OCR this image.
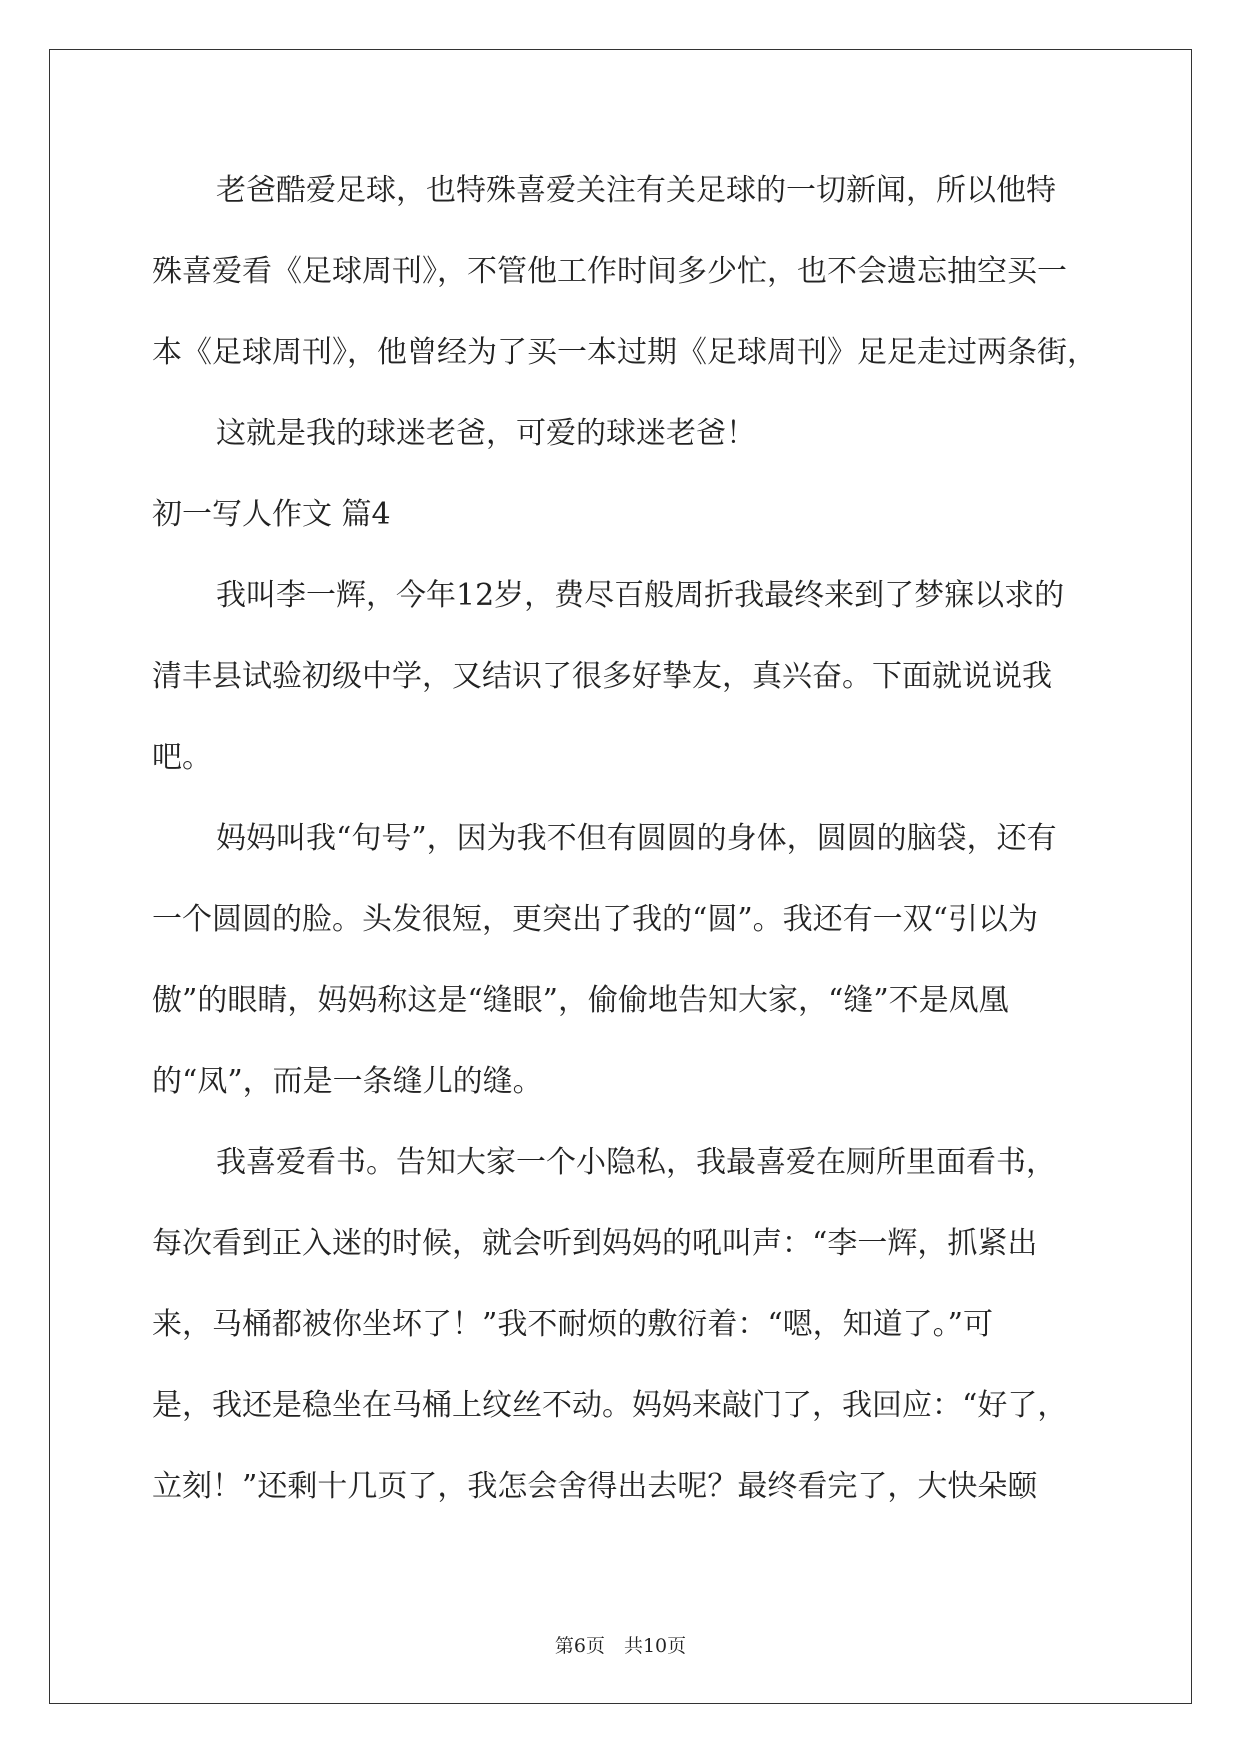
老爸酷爱足球，也特殊喜爱关注有关足球的一切新闻，所以他特
殊喜爱看《足球周刊》，不管他工作时间多少忙，也不会遗忘抽空买一
本《足球周刊》，他曾经为了买一本过期《足球周刊》足足走过两条街，
这就是我的球迷老爸，可爱的球迷老爸！
初一写人作文 篇4
我叫李一辉，今年12岁，费尽百般周折我最终来到了梦寐以求的
清丰县试验初级中学，又结识了很多好挚友，真兴奋。下面就说说我
吧。
妈妈叫我“句号”，因为我不但有圆圆的身体，圆圆的脑袋，还有
一个圆圆的脸。头发很短，更突出了我的“圆”。我还有一双“引以为
傲”的眼睛，妈妈称这是“缝眼”，偷偷地告知大家，“缝”不是凤凰
的“凤”，而是一条缝儿的缝。
我喜爱看书。告知大家一个小隐私，我最喜爱在厕所里面看书，
每次看到正入迷的时候，就会听到妈妈的吼叫声：“李一辉，抓紧出
来，马桶都被你坐坏了！”我不耐烦的敷衍着：“嗯，知道了。”可
是，我还是稳坐在马桶上纹丝不动。妈妈来敲门了，我回应：“好了，
立刻！”还剩十几页了，我怎会舍得出去呢？最终看完了，大快朵颐
第6页　共10页
